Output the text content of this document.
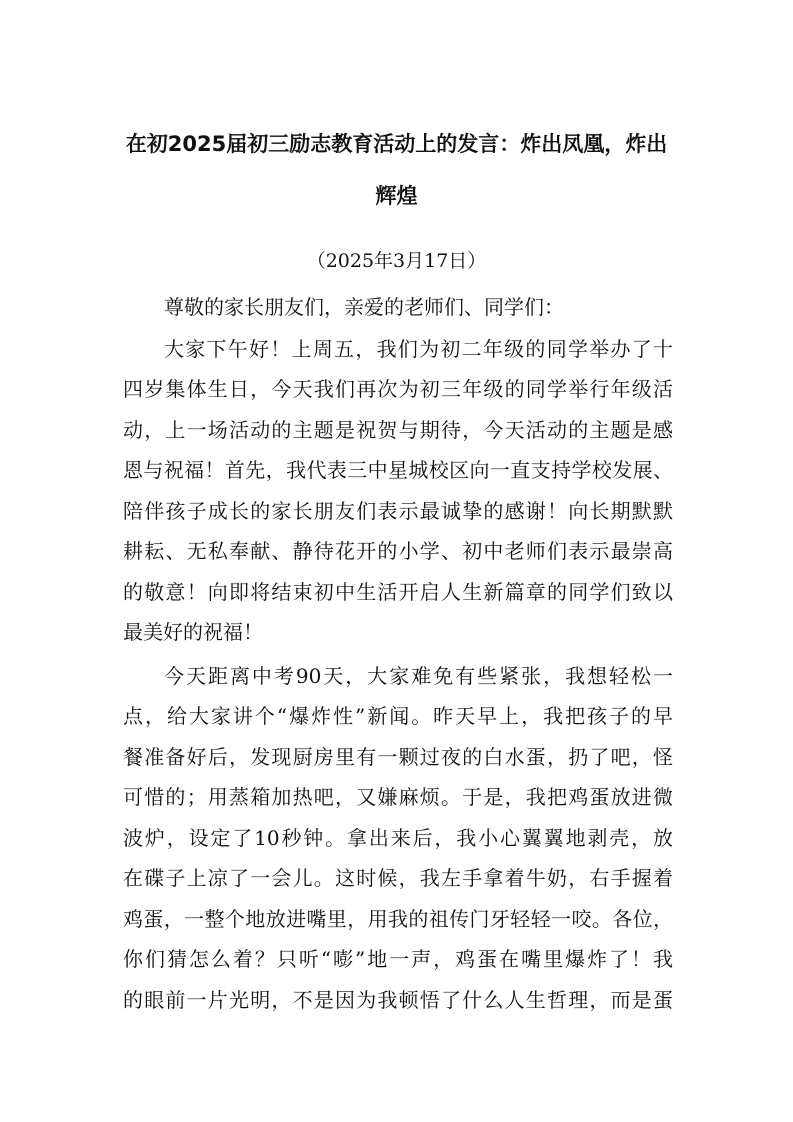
在初2025届初三励志教育活动上的发言：炸出凤凰，炸出
辉煌
（2025年3月17日）
尊敬的家长朋友们，亲爱的老师们、同学们：
大家下午好！上周五，我们为初二年级的同学举办了十
四岁集体生日，今天我们再次为初三年级的同学举行年级活
动，上一场活动的主题是祝贺与期待，今天活动的主题是感
恩与祝福！首先，我代表三中星城校区向一直支持学校发展、
陪伴孩子成长的家长朋友们表示最诚挚的感谢！向长期默默
耕耘、无私奉献、静待花开的小学、初中老师们表示最崇高
的敬意！向即将结束初中生活开启人生新篇章的同学们致以
最美好的祝福！
今天距离中考90天，大家难免有些紧张，我想轻松一
点，给大家讲个“爆炸性”新闻。昨天早上，我把孩子的早
餐准备好后，发现厨房里有一颗过夜的白水蛋，扔了吧，怪
可惜的；用蒸箱加热吧，又嫌麻烦。于是，我把鸡蛋放进微
波炉，设定了10秒钟。拿出来后，我小心翼翼地剥壳，放
在碟子上凉了一会儿。这时候，我左手拿着牛奶，右手握着
鸡蛋，一整个地放进嘴里，用我的祖传门牙轻轻一咬。各位，
你们猜怎么着？只听“嘭”地一声，鸡蛋在嘴里爆炸了！我
的眼前一片光明，不是因为我顿悟了什么人生哲理，而是蛋
